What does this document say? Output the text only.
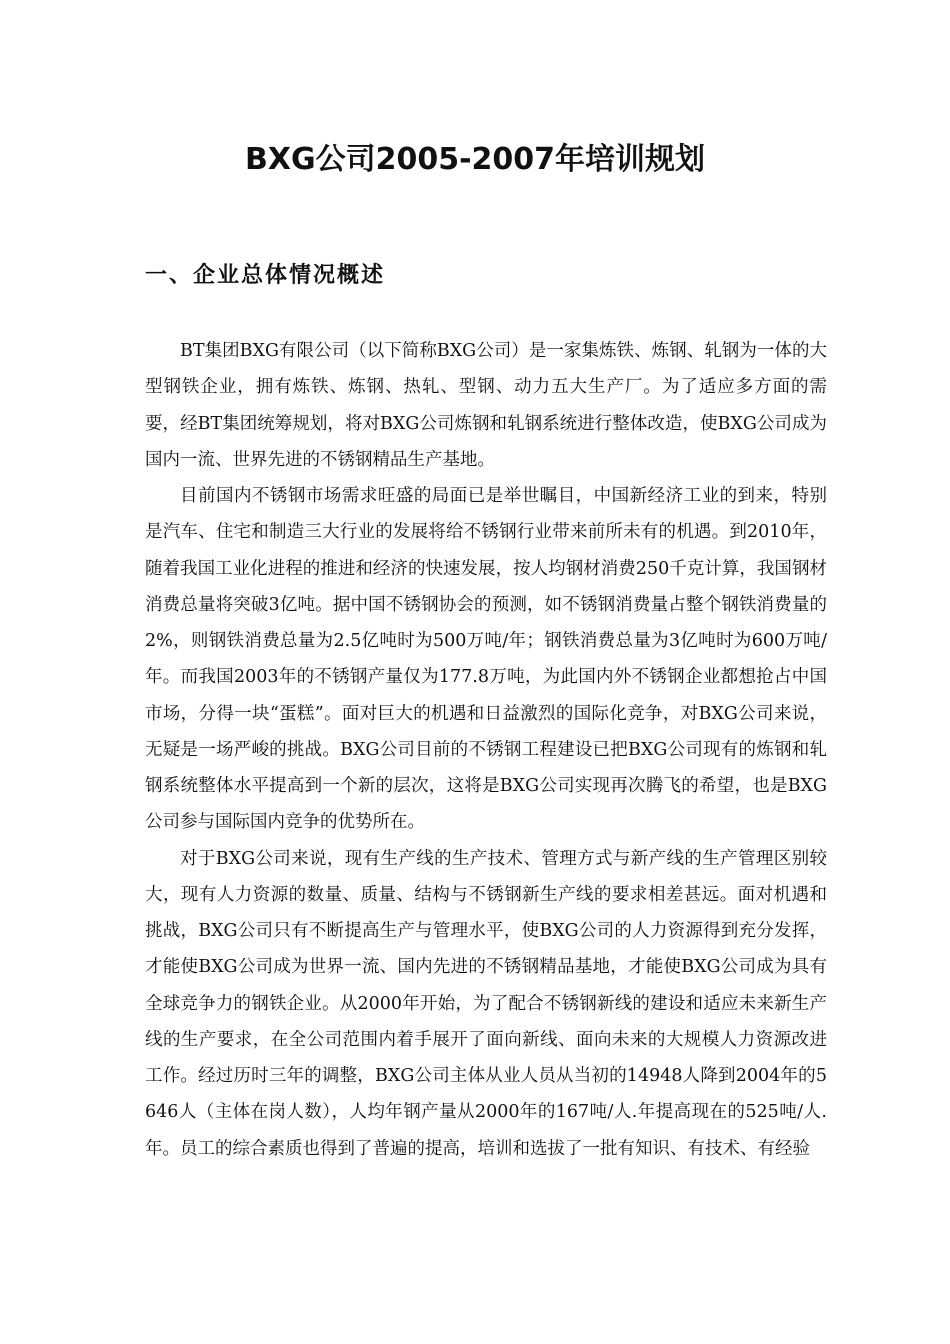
BXG公司2005-2007年培训规划
一、企业总体情况概述

BT集团BXG有限公司（以下简称BXG公司）是一家集炼铁、炼钢、轧钢为一体的大型钢铁企业，拥有炼铁、炼钢、热轧、型钢、动力五大生产厂。为了适应多方面的需要，经BT集团统筹规划，将对BXG公司炼钢和轧钢系统进行整体改造，使BXG公司成为国内一流、世界先进的不锈钢精品生产基地。

目前国内不锈钢市场需求旺盛的局面已是举世瞩目，中国新经济工业的到来，特别是汽车、住宅和制造三大行业的发展将给不锈钢行业带来前所未有的机遇。到2010年，随着我国工业化进程的推进和经济的快速发展，按人均钢材消费250千克计算，我国钢材消费总量将突破3亿吨。据中国不锈钢协会的预测，如不锈钢消费量占整个钢铁消费量的2%，则钢铁消费总量为2.5亿吨时为500万吨/年；钢铁消费总量为3亿吨时为600万吨/年。而我国2003年的不锈钢产量仅为177.8万吨，为此国内外不锈钢企业都想抢占中国市场，分得一块“蛋糕”。面对巨大的机遇和日益激烈的国际化竞争，对BXG公司来说，无疑是一场严峻的挑战。BXG公司目前的不锈钢工程建设已把BXG公司现有的炼钢和轧钢系统整体水平提高到一个新的层次，这将是BXG公司实现再次腾飞的希望，也是BXG公司参与国际国内竞争的优势所在。

对于BXG公司来说，现有生产线的生产技术、管理方式与新产线的生产管理区别较大，现有人力资源的数量、质量、结构与不锈钢新生产线的要求相差甚远。面对机遇和挑战，BXG公司只有不断提高生产与管理水平，使BXG公司的人力资源得到充分发挥，才能使BXG公司成为世界一流、国内先进的不锈钢精品基地，才能使BXG公司成为具有全球竞争力的钢铁企业。从2000年开始，为了配合不锈钢新线的建设和适应未来新生产线的生产要求，在全公司范围内着手展开了面向新线、面向未来的大规模人力资源改进工作。经过历时三年的调整，BXG公司主体从业人员从当初的14948人降到2004年的5646人（主体在岗人数），人均年钢产量从2000年的167吨/人.年提高现在的525吨/人.年。员工的综合素质也得到了普遍的提高，培训和选拔了一批有知识、有技术、有经验
